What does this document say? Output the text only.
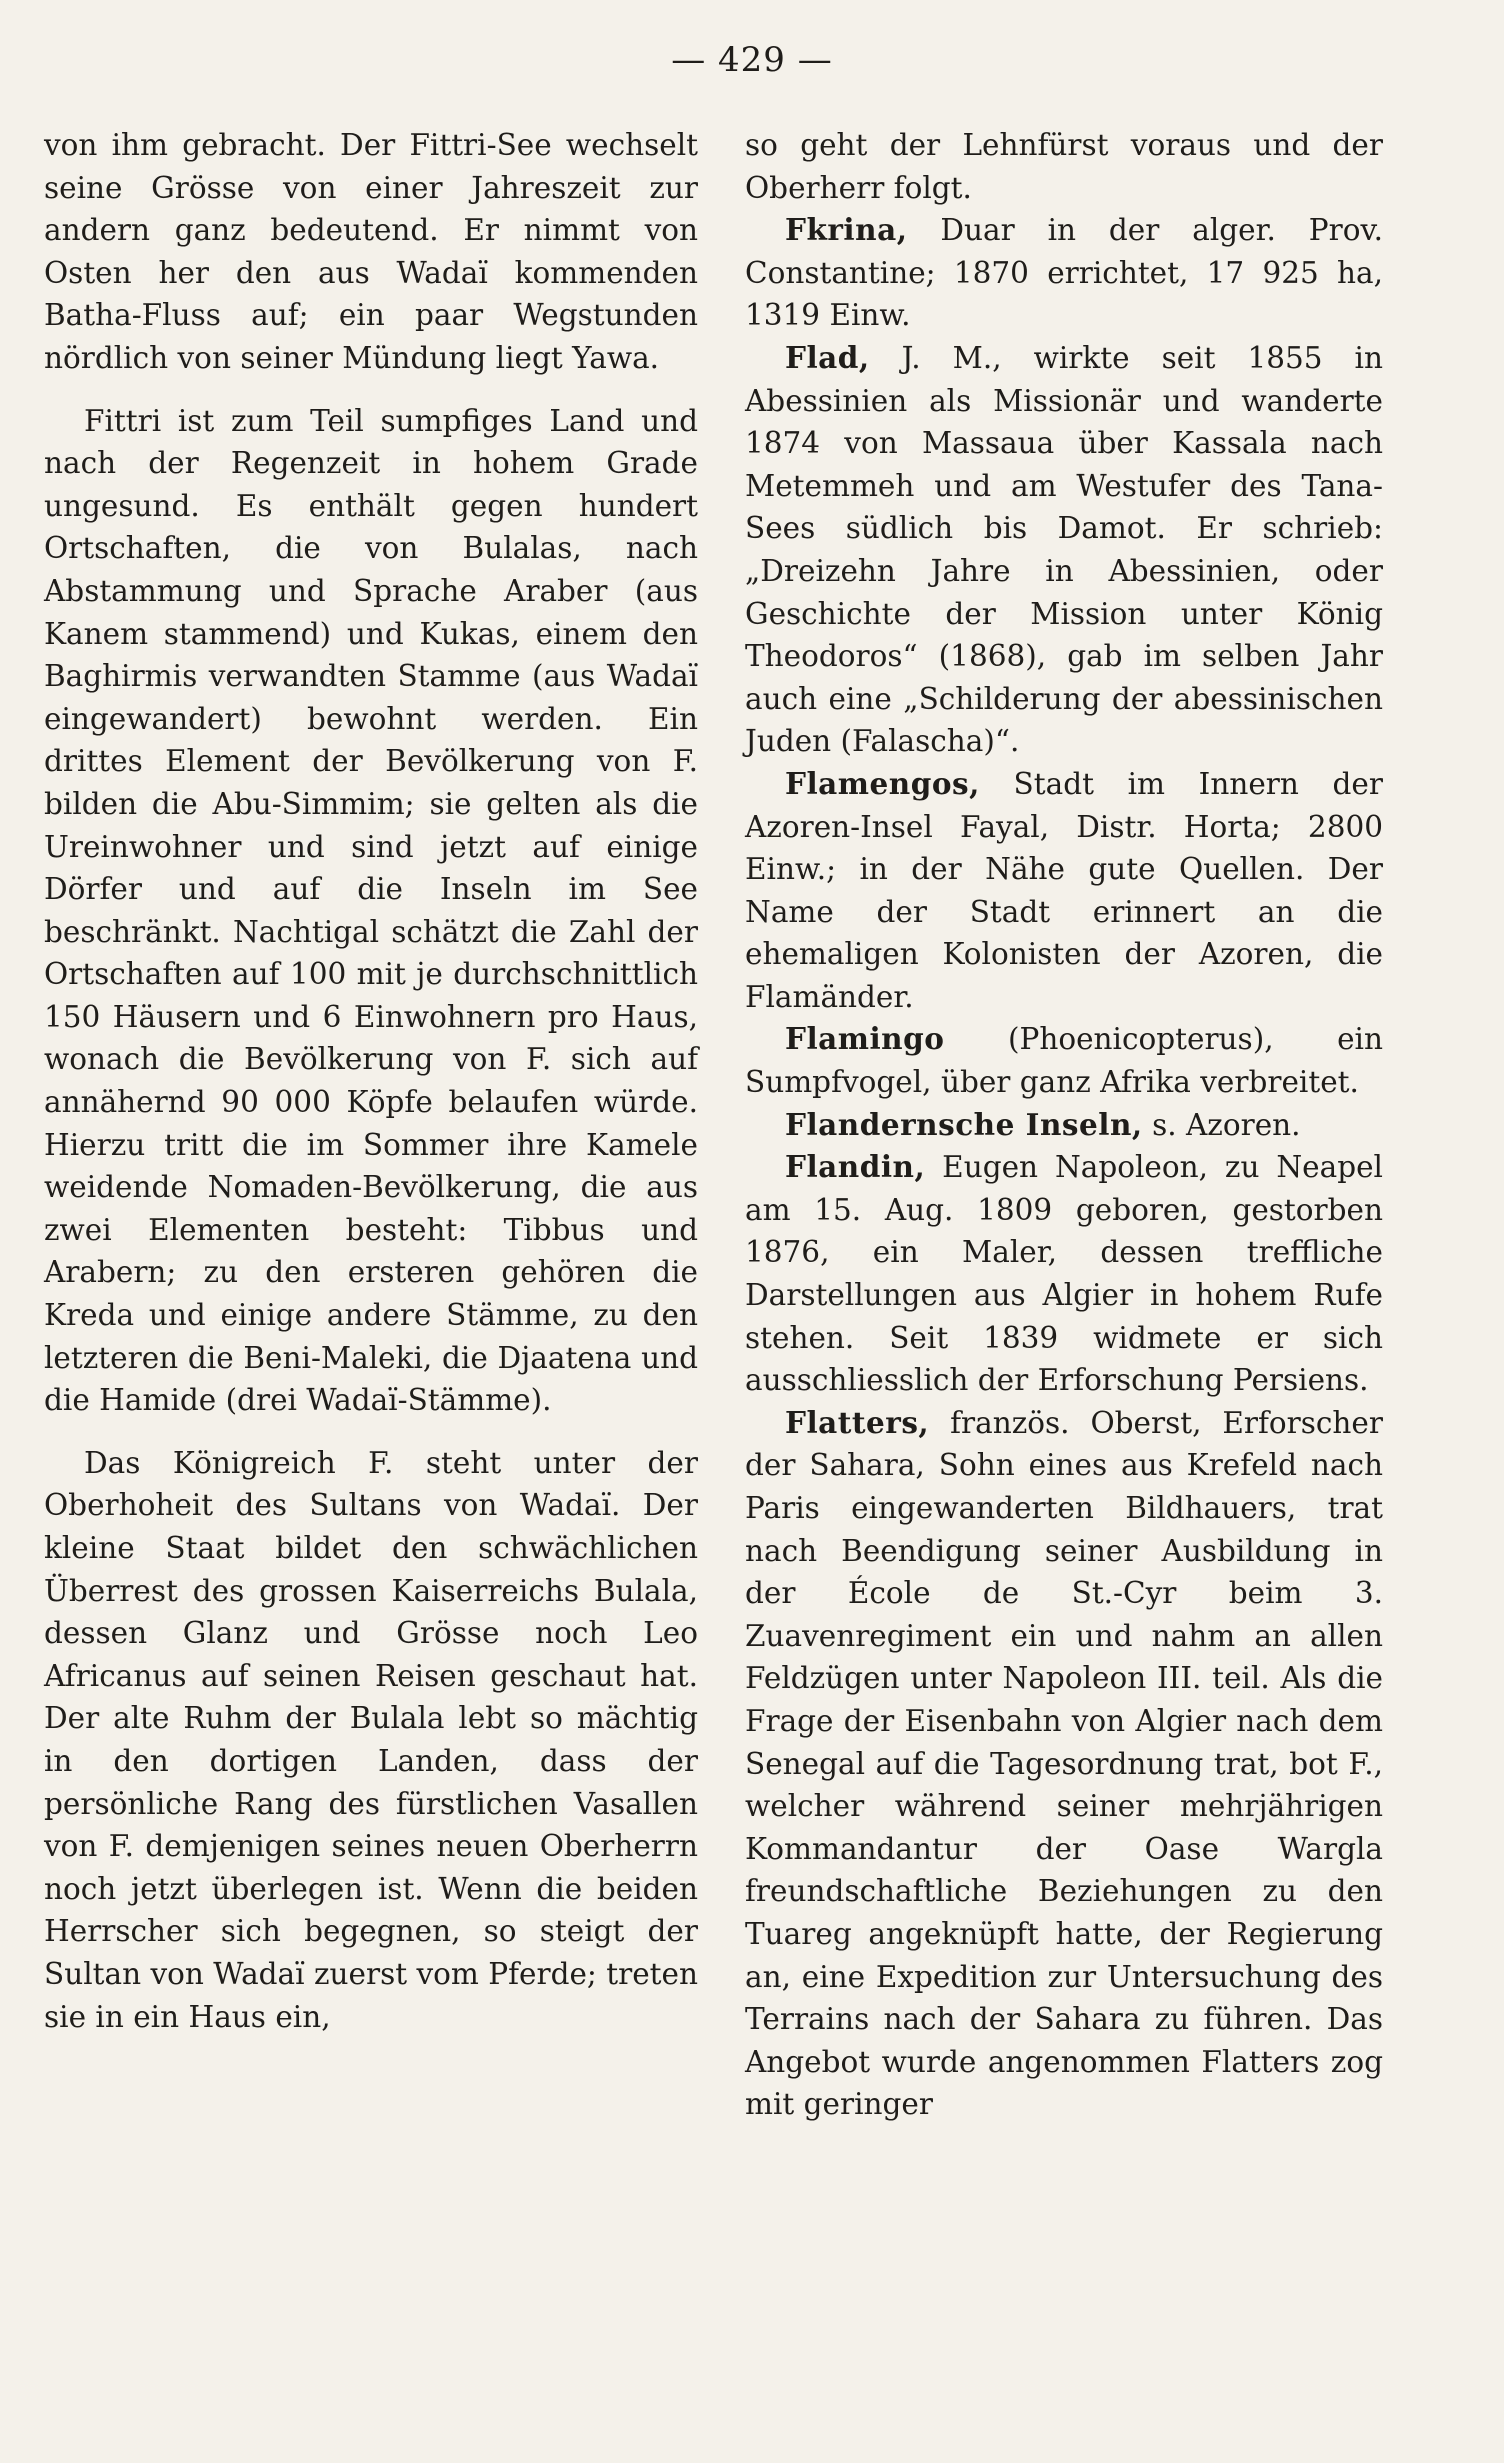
— 429 —

von ihm gebracht. Der Fittri-See wechselt seine Grösse von einer Jahreszeit zur andern ganz bedeutend. Er nimmt von Osten her den aus Wadaï kommenden Batha-Fluss auf; ein paar Wegstunden nördlich von seiner Mündung liegt Yawa.

Fittri ist zum Teil sumpfiges Land und nach der Regenzeit in hohem Grade ungesund. Es enthält gegen hundert Ortschaften, die von Bulalas, nach Abstammung und Sprache Araber (aus Kanem stammend) und Kukas, einem den Baghirmis verwandten Stamme (aus Wadaï eingewandert) bewohnt werden. Ein drittes Element der Bevölkerung von F. bilden die Abu-Simmim; sie gelten als die Ureinwohner und sind jetzt auf einige Dörfer und auf die Inseln im See beschränkt. Nachtigal schätzt die Zahl der Ortschaften auf 100 mit je durchschnittlich 150 Häusern und 6 Einwohnern pro Haus, wonach die Bevölkerung von F. sich auf annähernd 90 000 Köpfe belaufen würde. Hierzu tritt die im Sommer ihre Kamele weidende Nomaden-Bevölkerung, die aus zwei Elementen besteht: Tibbus und Arabern; zu den ersteren gehören die Kreda und einige andere Stämme, zu den letzteren die Beni-Maleki, die Djaatena und die Hamide (drei Wadaï-Stämme).

Das Königreich F. steht unter der Oberhoheit des Sultans von Wadaï. Der kleine Staat bildet den schwächlichen Überrest des grossen Kaiserreichs Bulala, dessen Glanz und Grösse noch Leo Africanus auf seinen Reisen geschaut hat. Der alte Ruhm der Bulala lebt so mächtig in den dortigen Landen, dass der persönliche Rang des fürstlichen Vasallen von F. demjenigen seines neuen Oberherrn noch jetzt überlegen ist. Wenn die beiden Herrscher sich begegnen, so steigt der Sultan von Wadaï zuerst vom Pferde; treten sie in ein Haus ein,

so geht der Lehnfürst voraus und der Oberherr folgt.

Fkrina, Duar in der alger. Prov. Constantine; 1870 errichtet, 17 925 ha, 1319 Einw.

Flad, J. M., wirkte seit 1855 in Abessinien als Missionär und wanderte 1874 von Massaua über Kassala nach Metemmeh und am Westufer des Tana-Sees südlich bis Damot. Er schrieb: „Dreizehn Jahre in Abessinien, oder Geschichte der Mission unter König Theodoros“ (1868), gab im selben Jahr auch eine „Schilderung der abessinischen Juden (Falascha)“.

Flamengos, Stadt im Innern der Azoren-Insel Fayal, Distr. Horta; 2800 Einw.; in der Nähe gute Quellen. Der Name der Stadt erinnert an die ehemaligen Kolonisten der Azoren, die Flamänder.

Flamingo (Phoenicopterus), ein Sumpfvogel, über ganz Afrika verbreitet.

Flandernsche Inseln, s. Azoren.

Flandin, Eugen Napoleon, zu Neapel am 15. Aug. 1809 geboren, gestorben 1876, ein Maler, dessen treffliche Darstellungen aus Algier in hohem Rufe stehen. Seit 1839 widmete er sich ausschliesslich der Erforschung Persiens.

Flatters, französ. Oberst, Erforscher der Sahara, Sohn eines aus Krefeld nach Paris eingewanderten Bildhauers, trat nach Beendigung seiner Ausbildung in der École de St.-Cyr beim 3. Zuavenregiment ein und nahm an allen Feldzügen unter Napoleon III. teil. Als die Frage der Eisenbahn von Algier nach dem Senegal auf die Tagesordnung trat, bot F., welcher während seiner mehrjährigen Kommandantur der Oase Wargla freundschaftliche Beziehungen zu den Tuareg angeknüpft hatte, der Regierung an, eine Expedition zur Untersuchung des Terrains nach der Sahara zu führen. Das Angebot wurde angenommen Flatters zog mit geringer
